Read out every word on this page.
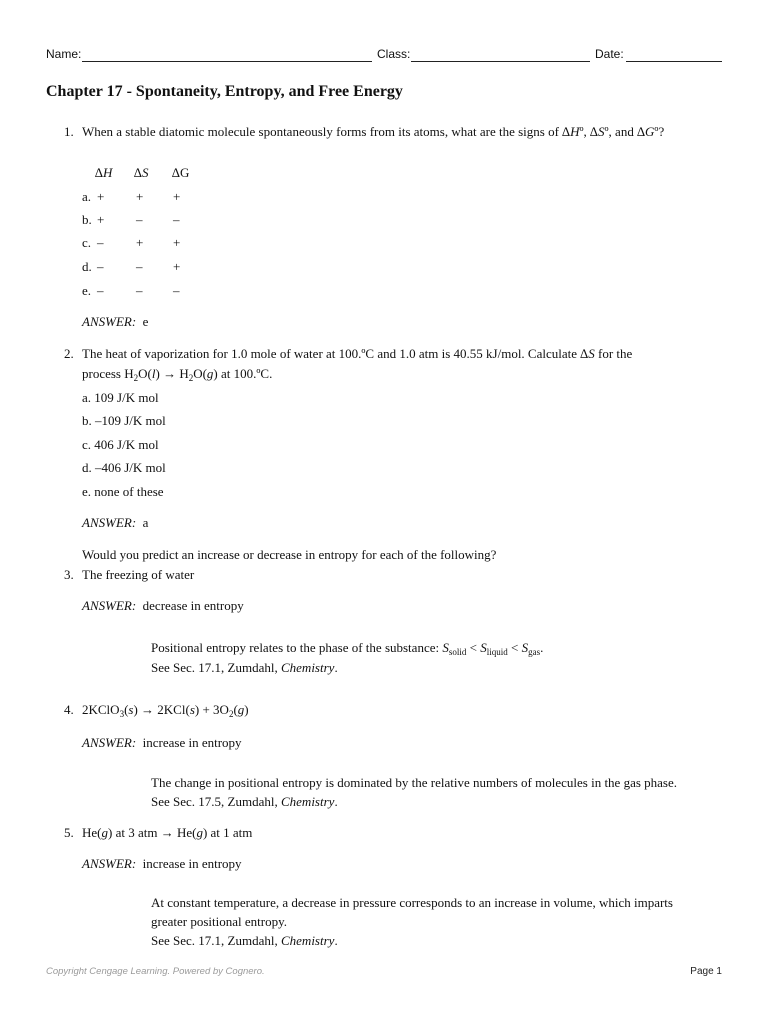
Name:	Class:	Date:
Chapter 17 - Spontaneity, Entropy, and Free Energy
1. When a stable diatomic molecule spontaneously forms from its atoms, what are the signs of ∆Hº, ∆Sº, and ∆Gº?
∆H ∆S ∆G
a. + + +
b. + – –
c. –	+ +
d. –	– +
e. –	– –
ANSWER: e
2. The heat of vaporization for 1.0 mole of water at 100.ºC and 1.0 atm is 40.55 kJ/mol. Calculate ∆S for the
process $H_2O(l) \to H_2O(g)$ at 100.ºC.
a. 109 J/K mol
b. –109 J/K mol
c. 406 J/K mol
d. –406 J/K mol
e. none of these
ANSWER: a
Would you predict an increase or decrease in entropy for each of the following?
3. The freezing of water
ANSWER: decrease in entropy
Positional entropy relates to the phase of the substance: $S_{solid} < S_{liquid} < S_{gas}$.
See Sec. 17.1, Zumdahl, Chemistry.
4. 2KClO$_3$(s) → $2KCl(s) + 3O_2(g)$
ANSWER: increase in entropy
The change in positional entropy is dominated by the relative numbers of molecules in the gas phase.
See Sec. 17.5, Zumdahl, Chemistry.
5. He(g) at 3 atm → He(g) at 1 atm
ANSWER: increase in entropy
At constant temperature, a decrease in pressure corresponds to an increase in volume, which imparts
greater positional entropy.
See Sec. 17.1, Zumdahl, Chemistry.
Copyright Cengage Learning. Powered by Cognero.	Page 1
